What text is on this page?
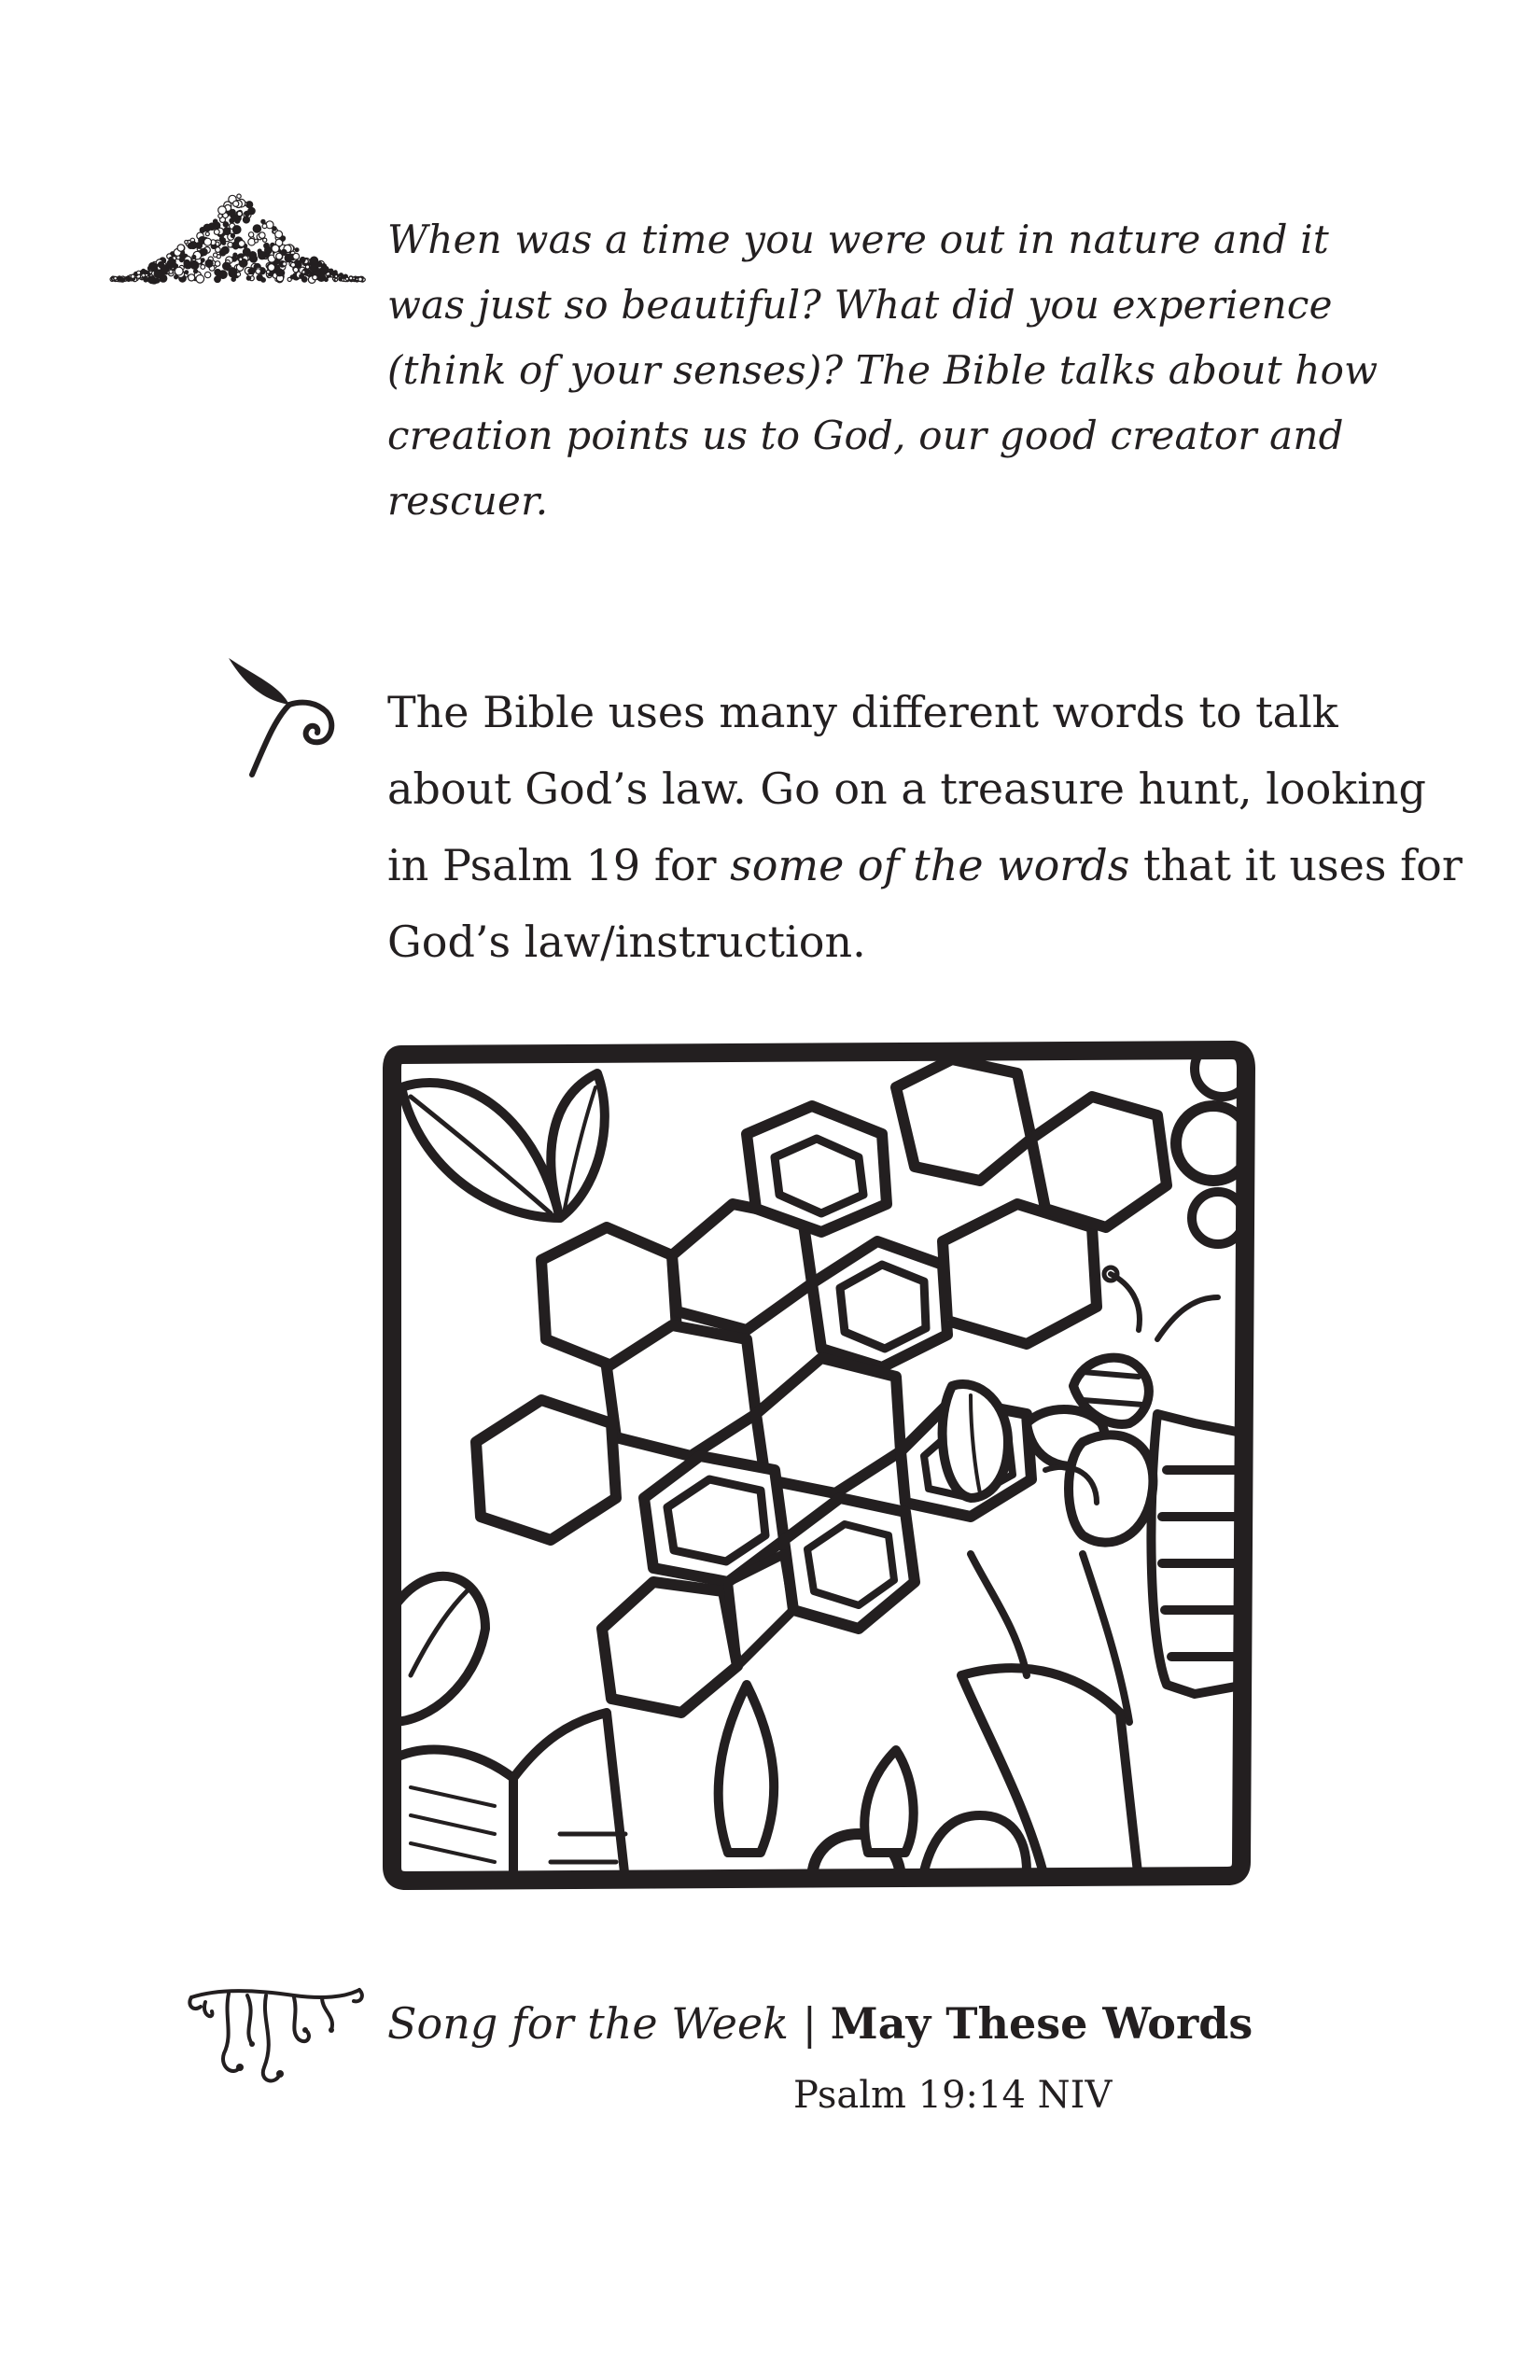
When was a time you were out in nature and it
was just so beautiful? What did you experience
(think of your senses)? The Bible talks about how
creation points us to God, our good creator and
rescuer.
The Bible uses many different words to talk
about God’s law. Go on a treasure hunt, looking
in Psalm 19 for some of the words that it uses for
God’s law/instruction.
Song for the Week | May These Words
Psalm 19:14 NIV
